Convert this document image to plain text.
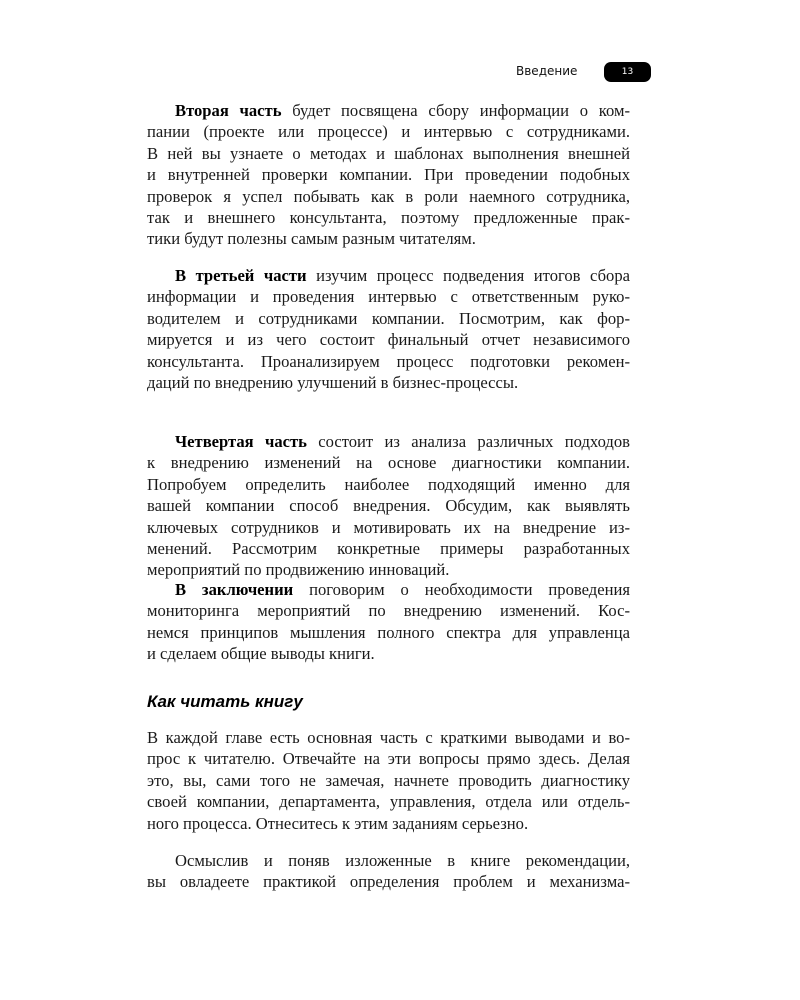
Введение	13
Вторая часть будет посвящена сбору информации о ком-
пании (проекте или процессе) и интервью с сотрудниками.
В ней вы узнаете о методах и шаблонах выполнения внешней
и внутренней проверки компании. При проведении подобных
проверок я успел побывать как в роли наемного сотрудника,
так и внешнего консультанта, поэтому предложенные прак-
тики будут полезны самым разным читателям.
В третьей части изучим процесс подведения итогов сбора
информации и проведения интервью с ответственным руко-
водителем и сотрудниками компании. Посмотрим, как фор-
мируется и из чего состоит финальный отчет независимого
консультанта. Проанализируем процесс подготовки рекомен-
даций по внедрению улучшений в бизнес-процессы.
Четвертая часть состоит из анализа различных подходов
к внедрению изменений на основе диагностики компании.
Попробуем определить наиболее подходящий именно для
вашей компании способ внедрения. Обсудим, как выявлять
ключевых сотрудников и мотивировать их на внедрение из-
менений. Рассмотрим конкретные примеры разработанных
мероприятий по продвижению инноваций.
В заключении поговорим о необходимости проведения
мониторинга мероприятий по внедрению изменений. Кос-
немся принципов мышления полного спектра для управленца
и сделаем общие выводы книги.
Как читать книгу
В каждой главе есть основная часть с краткими выводами и во-
прос к читателю. Отвечайте на эти вопросы прямо здесь. Делая
это, вы, сами того не замечая, начнете проводить диагностику
своей компании, департамента, управления, отдела или отдель-
ного процесса. Отнеситесь к этим заданиям серьезно.
Осмыслив и поняв изложенные в книге рекомендации,
вы овладеете практикой определения проблем и механизма-
